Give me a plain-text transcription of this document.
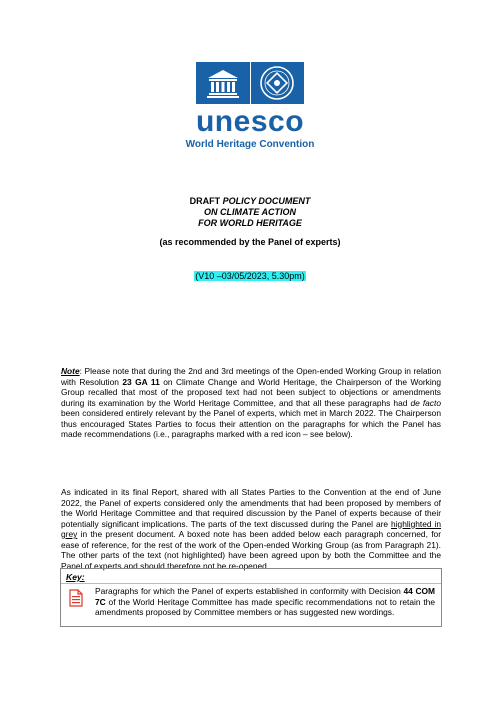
unesco
World Heritage Convention
DRAFT POLICY DOCUMENT
ON CLIMATE ACTION
FOR WORLD HERITAGE
(as recommended by the Panel of experts)
(V10 –03/05/2023, 5.30pm)
Note: Please note that during the 2nd and 3rd meetings of the Open-ended Working Group in relation with Resolution 23 GA 11 on Climate Change and World Heritage, the Chairperson of the Working Group recalled that most of the proposed text had not been subject to objections or amendments during its examination by the World Heritage Committee, and that all these paragraphs had de facto been considered entirely relevant by the Panel of experts, which met in March 2022. The Chairperson thus encouraged States Parties to focus their attention on the paragraphs for which the Panel has made recommendations (i.e., paragraphs marked with a red icon – see below).
As indicated in its final Report, shared with all States Parties to the Convention at the end of June 2022, the Panel of experts considered only the amendments that had been proposed by members of the World Heritage Committee and that required discussion by the Panel of experts because of their potentially significant implications. The parts of the text discussed during the Panel are highlighted in grey in the present document. A boxed note has been added below each paragraph concerned, for ease of reference, for the rest of the work of the Open-ended Working Group (as from Paragraph 21). The other parts of the text (not highlighted) have been agreed upon by both the Committee and the Panel of experts and should therefore not be re-opened.
Key:
Paragraphs for which the Panel of experts established in conformity with Decision 44 COM 7C of the World Heritage Committee has made specific recommendations not to retain the amendments proposed by Committee members or has suggested new wordings.
